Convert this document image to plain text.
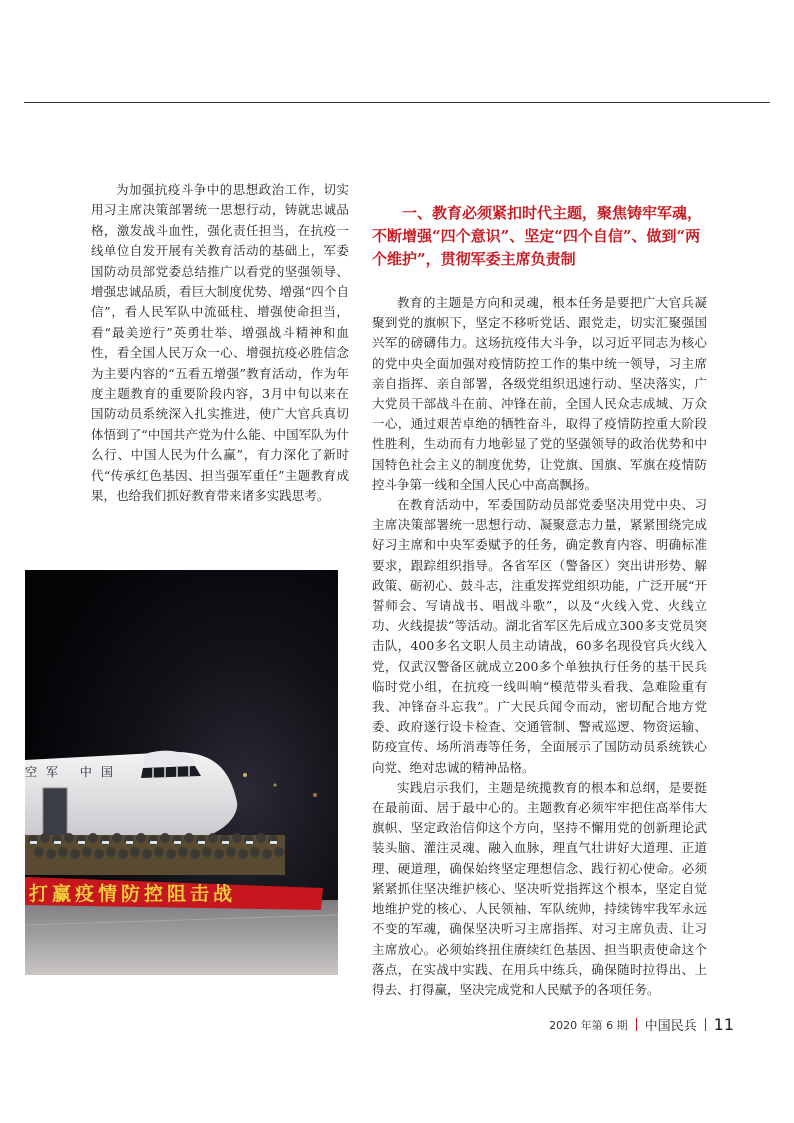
为加强抗疫斗争中的思想政治工作，切实用习主席决策部署统一思想行动，铸就忠诚品格，激发战斗血性，强化责任担当，在抗疫一线单位自发开展有关教育活动的基础上，军委国防动员部党委总结推广以看党的坚强领导、增强忠诚品质，看巨大制度优势、增强“四个自信”，看人民军队中流砥柱、增强使命担当，看“最美逆行”英勇壮举、增强战斗精神和血性，看全国人民万众一心、增强抗疫必胜信念为主要内容的“五看五增强”教育活动，作为年度主题教育的重要阶段内容，3月中旬以来在国防动员系统深入扎实推进，使广大官兵真切体悟到了“中国共产党为什么能、中国军队为什么行、中国人民为什么赢”，有力深化了新时代“传承红色基因、担当强军重任”主题教育成果，也给我们抓好教育带来诸多实践思考。

空军 中国
打赢疫情防控阻击战

一、教育必须紧扣时代主题，聚焦铸牢军魂，不断增强“四个意识”、坚定“四个自信”、做到“两个维护”，贯彻军委主席负责制

教育的主题是方向和灵魂，根本任务是要把广大官兵凝聚到党的旗帜下，坚定不移听党话、跟党走，切实汇聚强国兴军的磅礴伟力。这场抗疫伟大斗争，以习近平同志为核心的党中央全面加强对疫情防控工作的集中统一领导，习主席亲自指挥、亲自部署，各级党组织迅速行动、坚决落实，广大党员干部战斗在前、冲锋在前，全国人民众志成城、万众一心，通过艰苦卓绝的牺牲奋斗，取得了疫情防控重大阶段性胜利，生动而有力地彰显了党的坚强领导的政治优势和中国特色社会主义的制度优势，让党旗、国旗、军旗在疫情防控斗争第一线和全国人民心中高高飘扬。

在教育活动中，军委国防动员部党委坚决用党中央、习主席决策部署统一思想行动、凝聚意志力量，紧紧围绕完成好习主席和中央军委赋予的任务，确定教育内容、明确标准要求，跟踪组织指导。各省军区（警备区）突出讲形势、解政策、砺初心、鼓斗志，注重发挥党组织功能，广泛开展“开誓师会、写请战书、唱战斗歌”，以及“火线入党、火线立功、火线提拔”等活动。湖北省军区先后成立300多支党员突击队，400多名文职人员主动请战，60多名现役官兵火线入党，仅武汉警备区就成立200多个单独执行任务的基干民兵临时党小组，在抗疫一线叫响“模范带头看我、急难险重有我、冲锋奋斗忘我”。广大民兵闻令而动，密切配合地方党委、政府遂行设卡检查、交通管制、警戒巡逻、物资运输、防疫宣传、场所消毒等任务，全面展示了国防动员系统铁心向党、绝对忠诚的精神品格。

实践启示我们，主题是统揽教育的根本和总纲，是要挺在最前面、居于最中心的。主题教育必须牢牢把住高举伟大旗帜、坚定政治信仰这个方向，坚持不懈用党的创新理论武装头脑、灌注灵魂、融入血脉，理直气壮讲好大道理、正道理、硬道理，确保始终坚定理想信念、践行初心使命。必须紧紧抓住坚决维护核心、坚决听党指挥这个根本，坚定自觉地维护党的核心、人民领袖、军队统帅，持续铸牢我军永远不变的军魂，确保坚决听习主席指挥、对习主席负责、让习主席放心。必须始终扭住赓续红色基因、担当职责使命这个落点，在实战中实践、在用兵中练兵，确保随时拉得出、上得去、打得赢，坚决完成党和人民赋予的各项任务。

2020 年第 6 期 中国民兵 11
